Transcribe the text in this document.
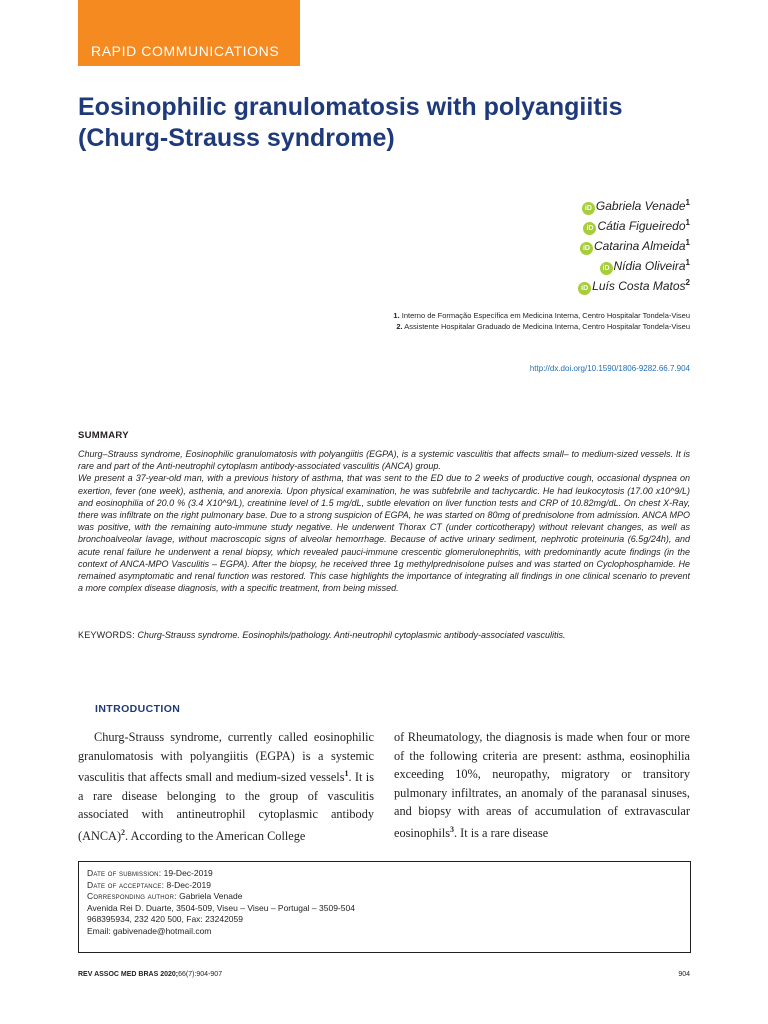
RAPID COMMUNICATIONS
Eosinophilic granulomatosis with polyangiitis (Churg-Strauss syndrome)
iD Gabriela Venade$^1$
iD Cátia Figueiredo$^1$
iD Catarina Almeida$^1$
iD Nídia Oliveira$^1$
iD Luís Costa Matos$^2$
1. Interno de Formação Específica em Medicina Interna, Centro Hospitalar Tondela-Viseu
2. Assistente Hospitalar Graduado de Medicina Interna, Centro Hospitalar Tondela-Viseu
http://dx.doi.org/10.1590/1806-9282.66.7.904
SUMMARY

Churg–Strauss syndrome, Eosinophilic granulomatosis with polyangiitis (EGPA), is a systemic vasculitis that affects small– to medium-sized vessels. It is rare and part of the Anti-neutrophil cytoplasm antibody-associated vasculitis (ANCA) group.

We present a 37-year-old man, with a previous history of asthma, that was sent to the ED due to 2 weeks of productive cough, occasional dyspnea on exertion, fever (one week), asthenia, and anorexia. Upon physical examination, he was subfebrile and tachycardic. He had leukocytosis (17.00 x10^9/L) and eosinophilia of 20.0 % (3.4 X10^9/L), creatinine level of 1.5 mg/dL, subtle elevation on liver function tests and CRP of 10.82mg/dL. On chest X-Ray, there was infiltrate on the right pulmonary base. Due to a strong suspicion of EGPA, he was started on 80mg of prednisolone from admission. ANCA MPO was positive, with the remaining auto-immune study negative. He underwent Thorax CT (under corticotherapy) without relevant changes, as well as bronchoalveolar lavage, without macroscopic signs of alveolar hemorrhage. Because of active urinary sediment, nephrotic proteinuria (6.5g/24h), and acute renal failure he underwent a renal biopsy, which revealed pauci-immune crescentic glomerulonephritis, with predominantly acute findings (in the context of ANCA-MPO Vasculitis – EGPA). After the biopsy, he received three 1g methylprednisolone pulses and was started on Cyclophosphamide. He remained asymptomatic and renal function was restored. This case highlights the importance of integrating all findings in one clinical scenario to prevent a more complex disease diagnosis, with a specific treatment, from being missed.

KEYWORDS: Churg-Strauss syndrome. Eosinophils/pathology. Anti-neutrophil cytoplasmic antibody-associated vasculitis.
INTRODUCTION
Churg-Strauss syndrome, currently called eosinophilic granulomatosis with polyangiitis (EGPA) is a systemic vasculitis that affects small and medium-sized vessels$^1$. It is a rare disease belonging to the group of vasculitis associated with antineutrophil cytoplasmic antibody (ANCA)$^2$. According to the American College
of Rheumatology, the diagnosis is made when four or more of the following criteria are present: asthma, eosinophilia exceeding 10%, neuropathy, migratory or transitory pulmonary infiltrates, an anomaly of the paranasal sinuses, and biopsy with areas of accumulation of extravascular eosinophils$^3$. It is a rare disease
Date of submission: 19-Dec-2019
Date of acceptance: 8-Dec-2019
Corresponding author: Gabriela Venade
Avenida Rei D. Duarte, 3504-509, Viseu – Viseu – Portugal – 3509-504
968395934, 232 420 500, Fax: 23242059
Email: gabivenade@hotmail.com
REV ASSOC MED BRAS 2020;66(7):904-907	904
